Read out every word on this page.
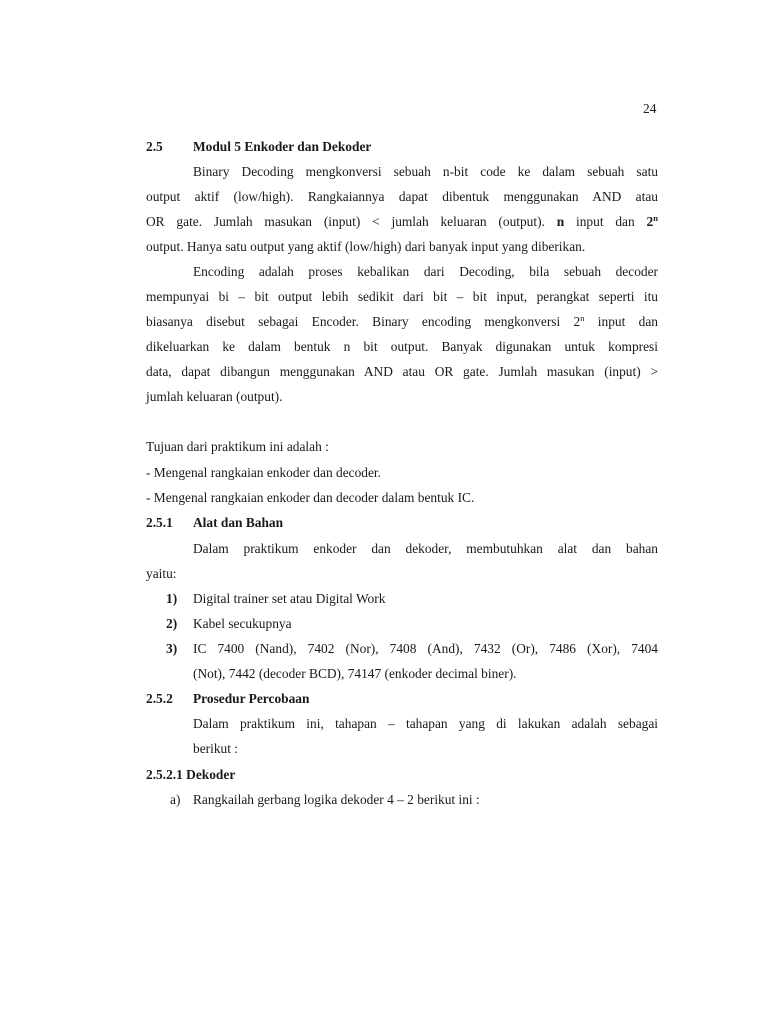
24
2.5 Modul 5 Enkoder dan Dekoder
Binary Decoding mengkonversi sebuah n-bit code ke dalam sebuah satu
output aktif (low/high). Rangkaiannya dapat dibentuk menggunakan AND atau
OR gate. Jumlah masukan (input) < jumlah keluaran (output). n input dan 2$^n$
output. Hanya satu output yang aktif (low/high) dari banyak input yang diberikan.
Encoding adalah proses kebalikan dari Decoding, bila sebuah decoder
mempunyai bi – bit output lebih sedikit dari bit – bit input, perangkat seperti itu
biasanya disebut sebagai Encoder. Binary encoding mengkonversi 2$^n$ input dan
dikeluarkan ke dalam bentuk n bit output. Banyak digunakan untuk kompresi
data, dapat dibangun menggunakan AND atau OR gate. Jumlah masukan (input) >
jumlah keluaran (output).
Tujuan dari praktikum ini adalah :
- Mengenal rangkaian enkoder dan decoder.
- Mengenal rangkaian enkoder dan decoder dalam bentuk IC.
2.5.1 Alat dan Bahan
Dalam praktikum enkoder dan dekoder, membutuhkan alat dan bahan
yaitu:
1) Digital trainer set atau Digital Work
2) Kabel secukupnya
3) IC 7400 (Nand), 7402 (Nor), 7408 (And), 7432 (Or), 7486 (Xor), 7404
(Not), 7442 (decoder BCD), 74147 (enkoder decimal biner).
2.5.2 Prosedur Percobaan
Dalam praktikum ini, tahapan – tahapan yang di lakukan adalah sebagai
berikut :
2.5.2.1 Dekoder
a) Rangkailah gerbang logika dekoder 4 – 2 berikut ini :
